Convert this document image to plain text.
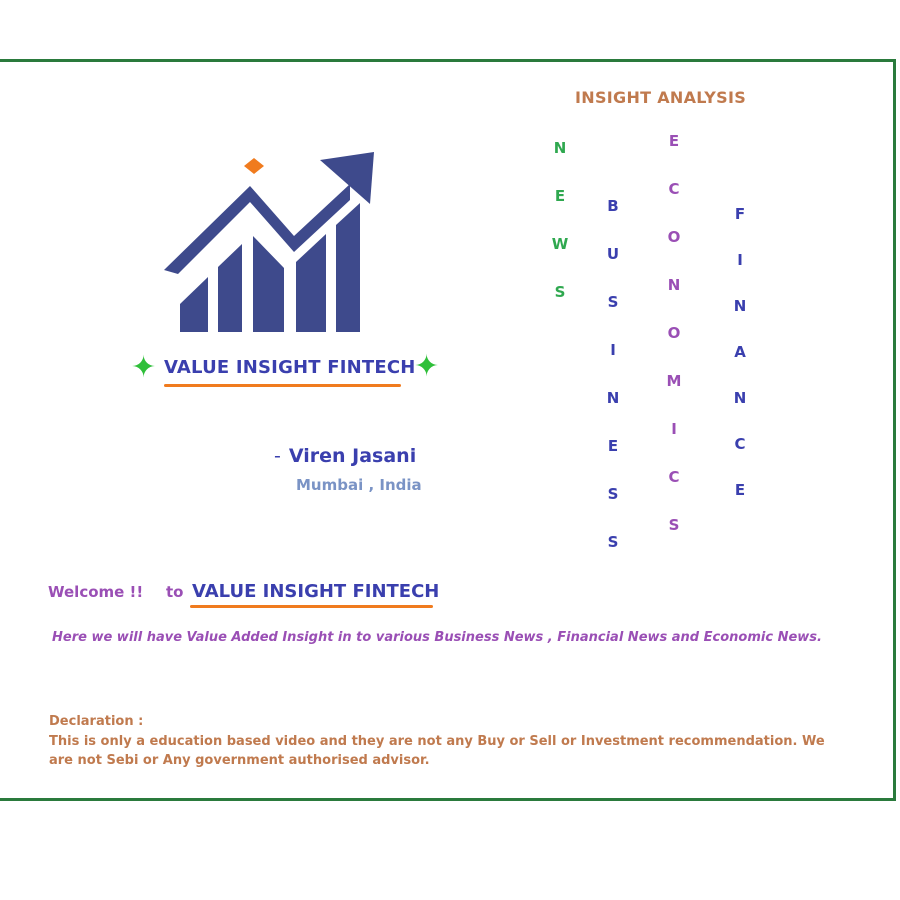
✦	✦
VALUE INSIGHT FINTECH
- Viren Jasani
Mumbai , India
INSIGHT ANALYSIS
N
E
W
S
B
U
S
I
N
E
S
S
E
C
O
N
O
M
I
C
S
F
I
N
A
N
C
E
Welcome !! to VALUE INSIGHT FINTECH
Here we will have Value Added Insight in to various Business News , Financial News and Economic News.
Declaration :
This is only a education based video and they are not any Buy or Sell or Investment recommendation. We are not Sebi or Any government authorised advisor.
